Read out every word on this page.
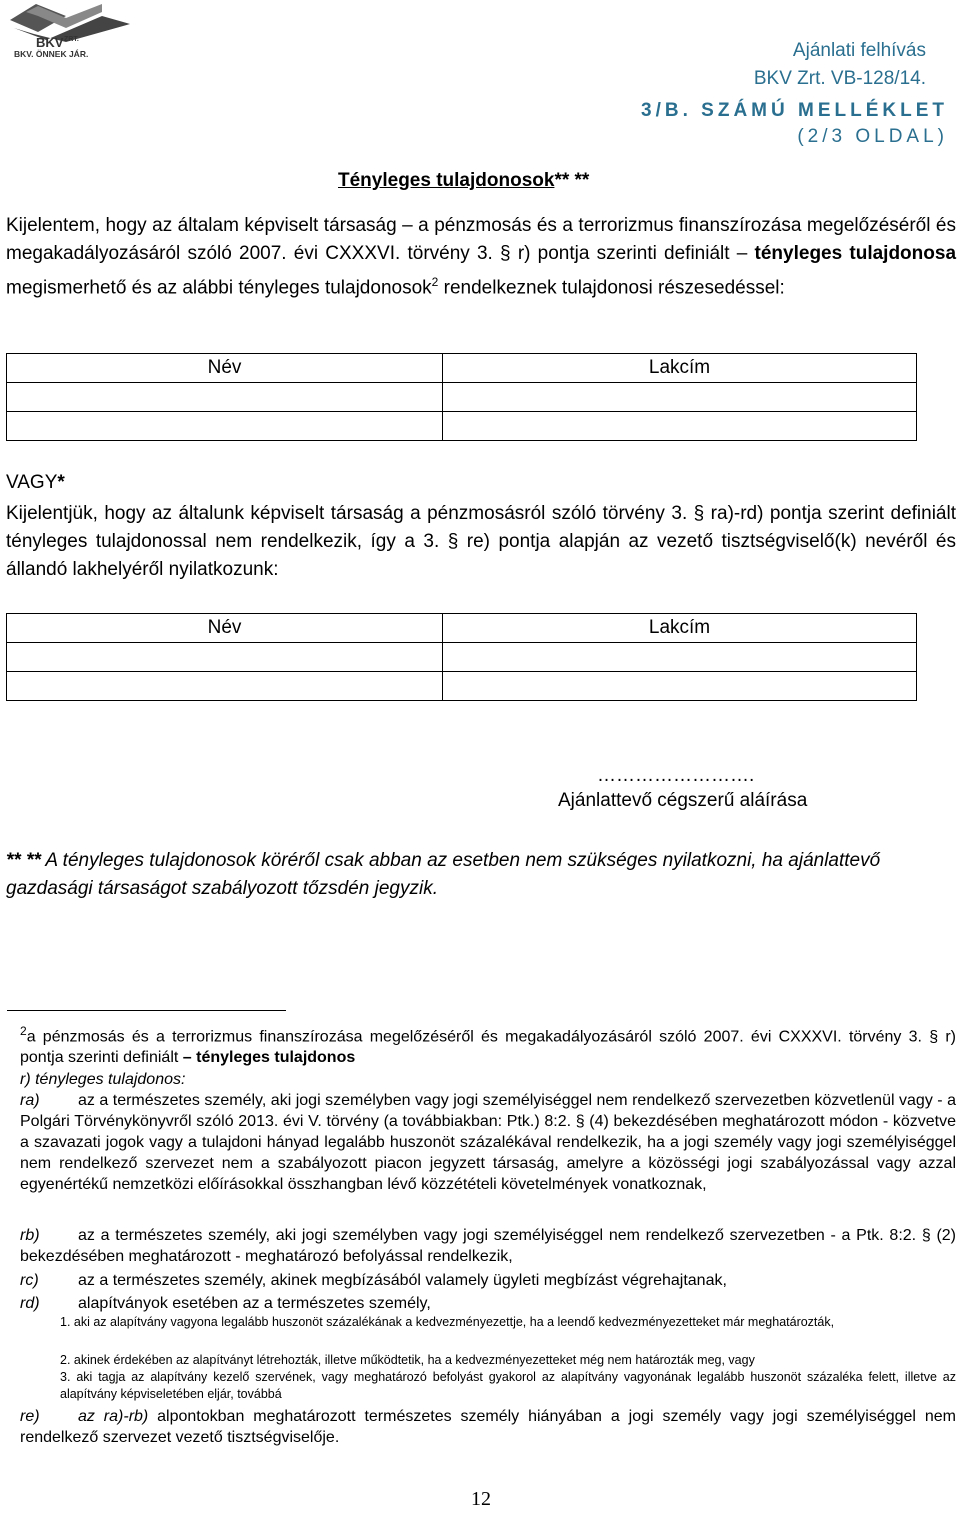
BKV ZRT.
BKV. ÖNNEK JÁR.	Ajánlati felhívás
BKV Zrt. VB-128/14.
3/B. SZÁMÚ MELLÉKLET
(2/3 OLDAL)
Tényleges tulajdonosok** **
Kijelentem, hogy az általam képviselt társaság – a pénzmosás és a terrorizmus finanszírozása megelőzéséről és megakadályozásáról szóló 2007. évi CXXXVI. törvény 3. § r) pontja szerinti definiált – tényleges tulajdonosa megismerhető és az alábbi tényleges tulajdonosok$^2$ rendelkeznek tulajdonosi részesedéssel:
Név	Lakcím

VAGY*
Kijelentjük, hogy az általunk képviselt társaság a pénzmosásról szóló törvény 3. § ra)-rd) pontja szerint definiált tényleges tulajdonossal nem rendelkezik, így a 3. § re) pontja alapján az vezető tisztségviselő(k) nevéről és állandó lakhelyéről nyilatkozunk:
Név	Lakcím

…………………….
Ajánlattevő cégszerű aláírása
** ** A tényleges tulajdonosok köréről csak abban az esetben nem szükséges nyilatkozni, ha ajánlattevő gazdasági társaságot szabályozott tőzsdén jegyzik.
$^2$a pénzmosás és a terrorizmus finanszírozása megelőzéséről és megakadályozásáról szóló 2007. évi CXXXVI. törvény 3. § r) pontja szerinti definiált – tényleges tulajdonos
r) tényleges tulajdonos:
ra) az a természetes személy, aki jogi személyben vagy jogi személyiséggel nem rendelkező szervezetben közvetlenül vagy - a Polgári Törvénykönyvről szóló 2013. évi V. törvény (a továbbiakban: Ptk.) 8:2. § (4) bekezdésében meghatározott módon - közvetve a szavazati jogok vagy a tulajdoni hányad legalább huszonöt százalékával rendelkezik, ha a jogi személy vagy jogi személyiséggel nem rendelkező szervezet nem a szabályozott piacon jegyzett társaság, amelyre a közösségi jogi szabályozással vagy azzal egyenértékű nemzetközi előírásokkal összhangban lévő közzétételi követelmények vonatkoznak,
rb) az a természetes személy, aki jogi személyben vagy jogi személyiséggel nem rendelkező szervezetben - a Ptk. 8:2. § (2) bekezdésében meghatározott - meghatározó befolyással rendelkezik,
rc) az a természetes személy, akinek megbízásából valamely ügyleti megbízást végrehajtanak,
rd) alapítványok esetében az a természetes személy,
1. aki az alapítvány vagyona legalább huszonöt százalékának a kedvezményezettje, ha a leendő kedvezményezetteket már meghatározták,
2. akinek érdekében az alapítványt létrehozták, illetve működtetik, ha a kedvezményezetteket még nem határozták meg, vagy
3. aki tagja az alapítvány kezelő szervének, vagy meghatározó befolyást gyakorol az alapítvány vagyonának legalább huszonöt százaléka felett, illetve az alapítvány képviseletében eljár, továbbá
re) az ra)-rb) alpontokban meghatározott természetes személy hiányában a jogi személy vagy jogi személyiséggel nem rendelkező szervezet vezető tisztségviselője.
12
